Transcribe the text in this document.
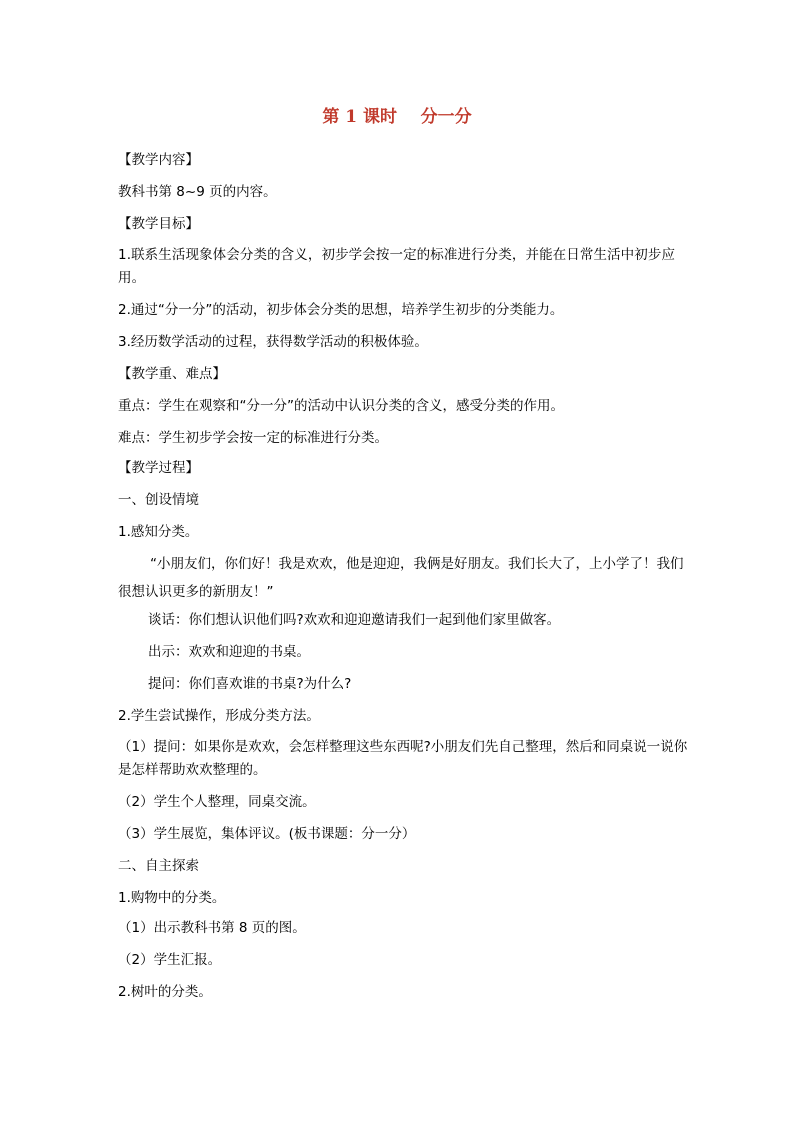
第 1 课时    分一分
【教学内容】
教科书第 8~9 页的内容。
【教学目标】
1.联系生活现象体会分类的含义，初步学会按一定的标准进行分类，并能在日常生活中初步应用。
2.通过“分一分”的活动，初步体会分类的思想，培养学生初步的分类能力。
3.经历数学活动的过程，获得数学活动的积极体验。
【教学重、难点】
重点：学生在观察和“分一分”的活动中认识分类的含义，感受分类的作用。
难点：学生初步学会按一定的标准进行分类。
【教学过程】
一、创设情境
1.感知分类。
“小朋友们，你们好！我是欢欢，他是迎迎，我俩是好朋友。我们长大了，上小学了！我们很想认识更多的新朋友！”
谈话：你们想认识他们吗?欢欢和迎迎邀请我们一起到他们家里做客。
出示：欢欢和迎迎的书桌。
提问：你们喜欢谁的书桌?为什么?
2.学生尝试操作，形成分类方法。
（1）提问：如果你是欢欢，会怎样整理这些东西呢?小朋友们先自己整理，然后和同桌说一说你是怎样帮助欢欢整理的。
（2）学生个人整理，同桌交流。
（3）学生展览，集体评议。(板书课题：分一分）
二、自主探索
1.购物中的分类。
（1）出示教科书第 8 页的图。
（2）学生汇报。
2.树叶的分类。
